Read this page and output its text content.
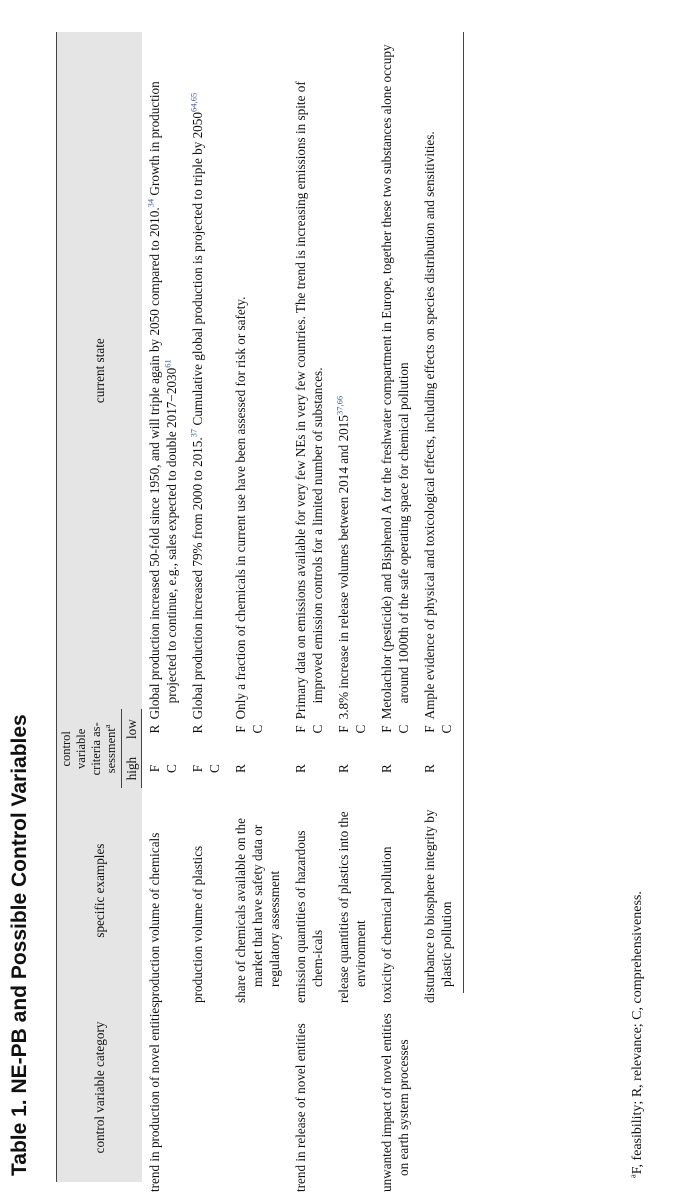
Table 1. NE-PB and Possible Control Variables	control variable category	specific examples	control variable criteria as-sessment$^a$		current state
		high	low	
trend in production of novel entities	production volume of chemicals	F C	R	Global production increased 50-fold since 1950, and will triple again by 2050 compared to 2010.34 Growth in production projected to continue, e.g., sales expected to double $2017-2030^{61}$
	production volume of plastics	F C	R	Global production increased 79% from 2000 to 2015.37 Cumulative global production is projected to triple by 2050$^{64,65}$
	share of chemicals available on the market that have safety data or regulatory assessment	R	F C	Only a fraction of chemicals in current use have been assessed for risk or safety.
trend in release of novel entities	emission quantities of hazardous chem-icals	R	F C	Primary data on emissions available for very few NEs in very few countries. The trend is increasing emissions in spite of improved emission controls for a limited number of substances.
	release quantities of plastics into the environment	R	F C	3.8% increase in release volumes between 2014 and 2015$^{37,66}$
unwanted impact of novel entities on earth system processes	toxicity of chemical pollution	R	F C	Metolachlor (pesticide) and Bisphenol A for the freshwater compartment in Europe, together these two substances alone occupy around 1000th of the safe operating space for chemical pollution
	disturbance to biosphere integrity by plastic pollution	R	F C	Ample evidence of physical and toxicological effects, including effects on species distribution and sensitivities.
$^a$F, feasibility; R, relevance; C, comprehensiveness.
